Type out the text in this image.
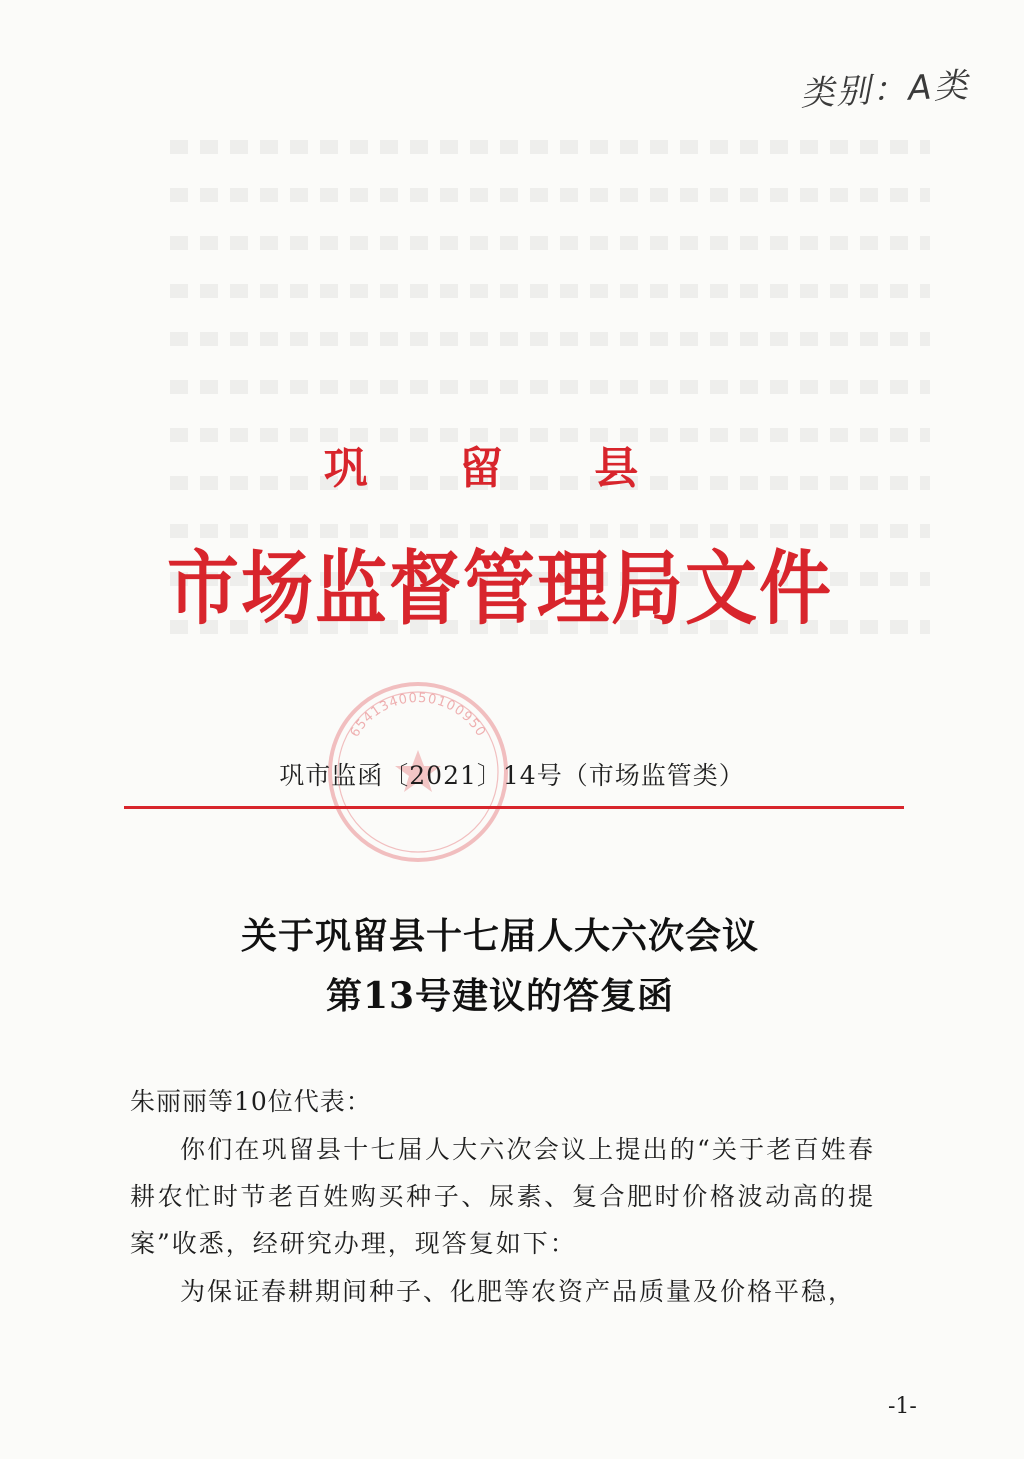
类别：A类
巩 留 县
市场监督管理局文件
6541340050100950
巩市监函〔2021〕14号（市场监管类）
关于巩留县十七届人大六次会议
第13号建议的答复函
朱丽丽等10位代表：
你们在巩留县十七届人大六次会议上提出的“关于老百姓春耕农忙时节老百姓购买种子、尿素、复合肥时价格波动高的提案”收悉，经研究办理，现答复如下：
为保证春耕期间种子、化肥等农资产品质量及价格平稳，
-1-
